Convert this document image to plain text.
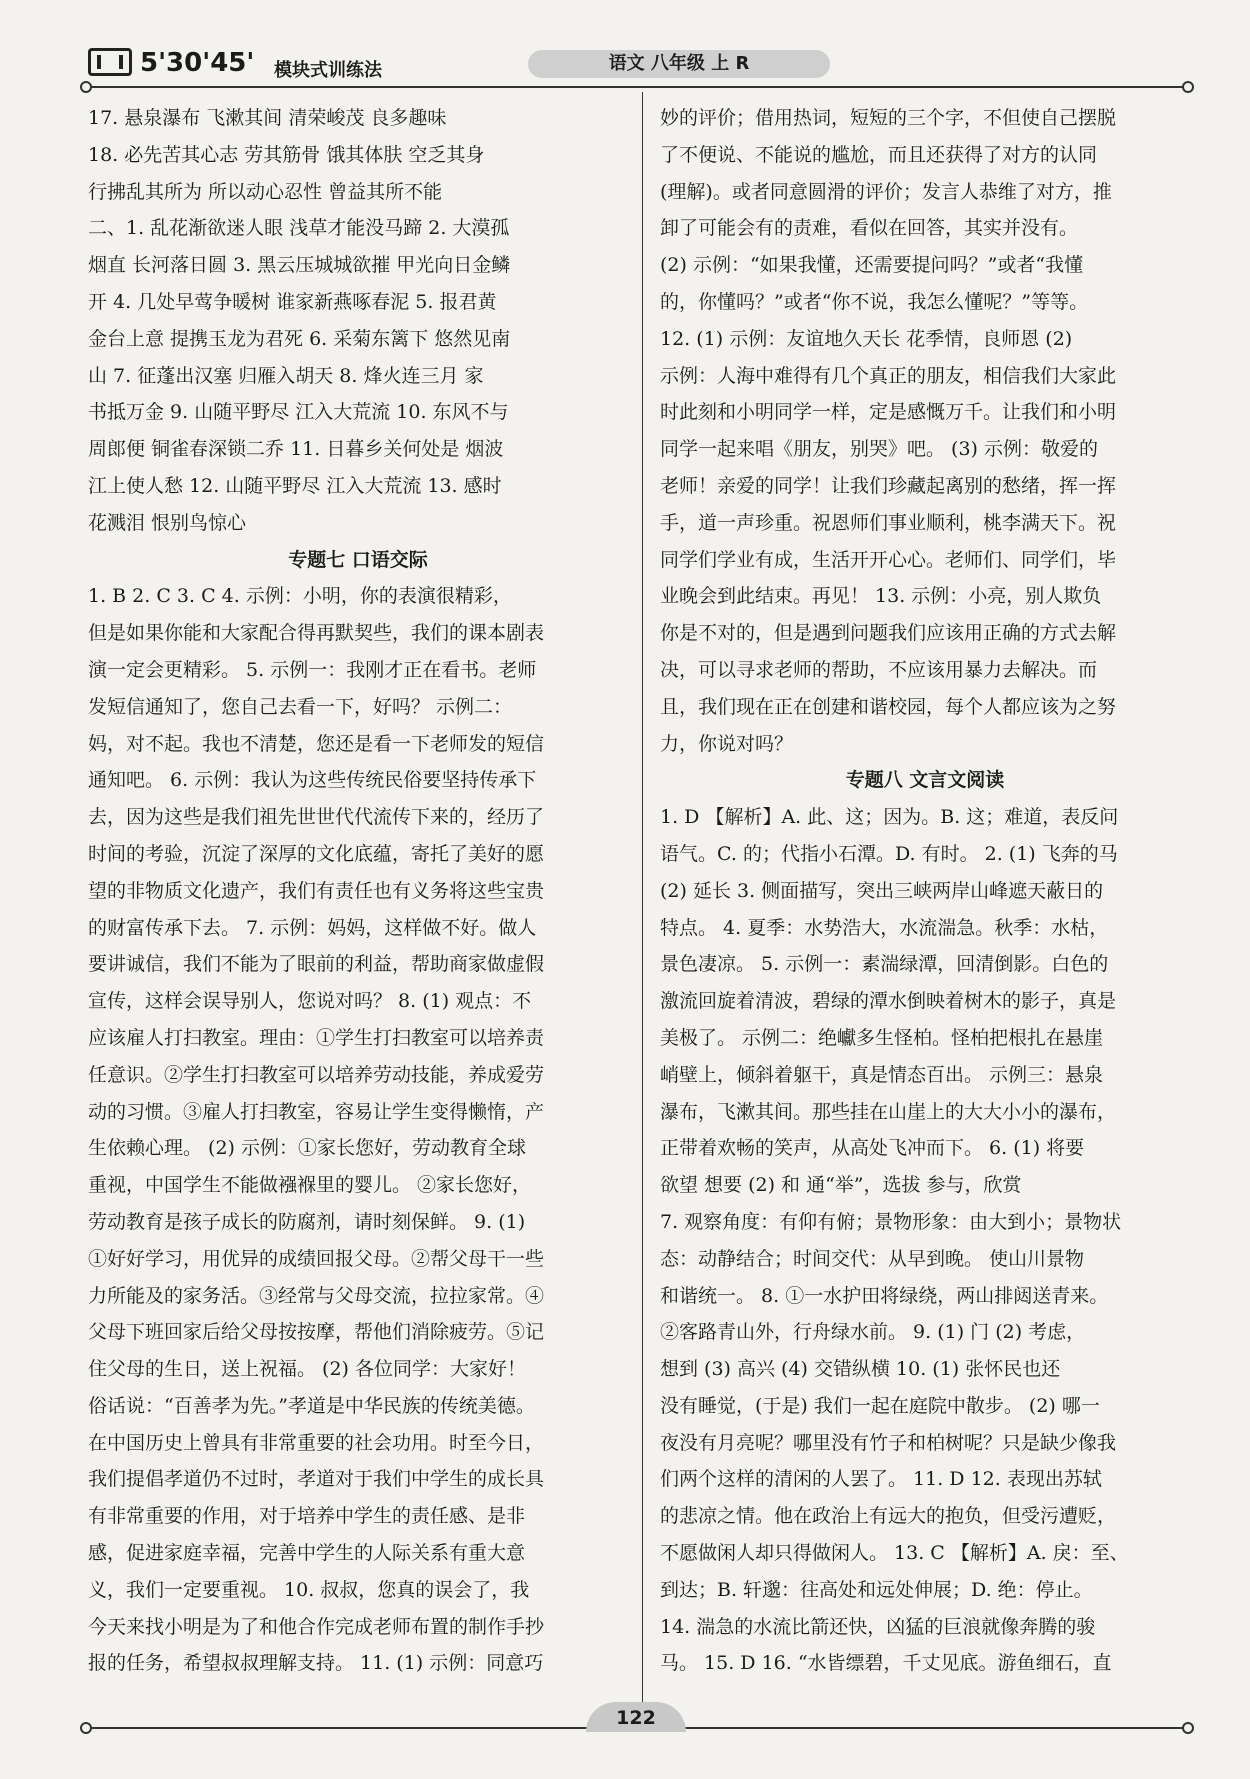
5'30'45' 模块式训练法	语文 八年级 上 R
17. 悬泉瀑布 飞漱其间 清荣峻茂 良多趣味
18. 必先苦其心志 劳其筋骨 饿其体肤 空乏其身
行拂乱其所为 所以动心忍性 曾益其所不能
二、1. 乱花渐欲迷人眼 浅草才能没马蹄 2. 大漠孤
烟直 长河落日圆 3. 黑云压城城欲摧 甲光向日金鳞
开 4. 几处早莺争暖树 谁家新燕啄春泥 5. 报君黄
金台上意 提携玉龙为君死 6. 采菊东篱下 悠然见南
山 7. 征蓬出汉塞 归雁入胡天 8. 烽火连三月 家
书抵万金 9. 山随平野尽 江入大荒流 10. 东风不与
周郎便 铜雀春深锁二乔 11. 日暮乡关何处是 烟波
江上使人愁 12. 山随平野尽 江入大荒流 13. 感时
花溅泪 恨别鸟惊心
专题七 口语交际
1. B 2. C 3. C 4. 示例：小明，你的表演很精彩，
但是如果你能和大家配合得再默契些，我们的课本剧表
演一定会更精彩。 5. 示例一：我刚才正在看书。老师
发短信通知了，您自己去看一下，好吗？ 示例二：
妈，对不起。我也不清楚，您还是看一下老师发的短信
通知吧。 6. 示例：我认为这些传统民俗要坚持传承下
去，因为这些是我们祖先世世代代流传下来的，经历了
时间的考验，沉淀了深厚的文化底蕴，寄托了美好的愿
望的非物质文化遗产，我们有责任也有义务将这些宝贵
的财富传承下去。 7. 示例：妈妈，这样做不好。做人
要讲诚信，我们不能为了眼前的利益，帮助商家做虚假
宣传，这样会误导别人，您说对吗？ 8. (1) 观点：不
应该雇人打扫教室。理由：①学生打扫教室可以培养责
任意识。②学生打扫教室可以培养劳动技能，养成爱劳
动的习惯。③雇人打扫教室，容易让学生变得懒惰，产
生依赖心理。 (2) 示例：①家长您好，劳动教育全球
重视，中国学生不能做襁褓里的婴儿。 ②家长您好，
劳动教育是孩子成长的防腐剂，请时刻保鲜。 9. (1)
①好好学习，用优异的成绩回报父母。②帮父母干一些
力所能及的家务活。③经常与父母交流，拉拉家常。④
父母下班回家后给父母按按摩，帮他们消除疲劳。⑤记
住父母的生日，送上祝福。 (2) 各位同学：大家好！
俗话说：“百善孝为先。”孝道是中华民族的传统美德。
在中国历史上曾具有非常重要的社会功用。时至今日，
我们提倡孝道仍不过时，孝道对于我们中学生的成长具
有非常重要的作用，对于培养中学生的责任感、是非
感，促进家庭幸福，完善中学生的人际关系有重大意
义，我们一定要重视。 10. 叔叔，您真的误会了，我
今天来找小明是为了和他合作完成老师布置的制作手抄
报的任务，希望叔叔理解支持。 11. (1) 示例：同意巧
妙的评价；借用热词，短短的三个字，不但使自己摆脱
了不便说、不能说的尴尬，而且还获得了对方的认同
(理解)。或者同意圆滑的评价；发言人恭维了对方，推
卸了可能会有的责难，看似在回答，其实并没有。
(2) 示例：“如果我懂，还需要提问吗？”或者“我懂
的，你懂吗？”或者“你不说，我怎么懂呢？”等等。
12. (1) 示例：友谊地久天长 花季情，良师恩 (2)
示例：人海中难得有几个真正的朋友，相信我们大家此
时此刻和小明同学一样，定是感慨万千。让我们和小明
同学一起来唱《朋友，别哭》吧。 (3) 示例：敬爱的
老师！亲爱的同学！让我们珍藏起离别的愁绪，挥一挥
手，道一声珍重。祝恩师们事业顺利，桃李满天下。祝
同学们学业有成，生活开开心心。老师们、同学们，毕
业晚会到此结束。再见！ 13. 示例：小亮，别人欺负
你是不对的，但是遇到问题我们应该用正确的方式去解
决，可以寻求老师的帮助，不应该用暴力去解决。而
且，我们现在正在创建和谐校园，每个人都应该为之努
力，你说对吗？
专题八 文言文阅读
1. D 【解析】A. 此、这；因为。B. 这；难道，表反问
语气。C. 的；代指小石潭。D. 有时。 2. (1) 飞奔的马
(2) 延长 3. 侧面描写，突出三峡两岸山峰遮天蔽日的
特点。 4. 夏季：水势浩大，水流湍急。秋季：水枯，
景色凄凉。 5. 示例一：素湍绿潭，回清倒影。白色的
激流回旋着清波，碧绿的潭水倒映着树木的影子，真是
美极了。 示例二：绝巘多生怪柏。怪柏把根扎在悬崖
峭壁上，倾斜着躯干，真是情态百出。 示例三：悬泉
瀑布，飞漱其间。那些挂在山崖上的大大小小的瀑布，
正带着欢畅的笑声，从高处飞冲而下。 6. (1) 将要
欲望 想要 (2) 和 通“举”，选拔 参与，欣赏
7. 观察角度：有仰有俯；景物形象：由大到小；景物状
态：动静结合；时间交代：从早到晚。 使山川景物
和谐统一。 8. ①一水护田将绿绕，两山排闼送青来。
②客路青山外，行舟绿水前。 9. (1) 门 (2) 考虑，
想到 (3) 高兴 (4) 交错纵横 10. (1) 张怀民也还
没有睡觉，(于是) 我们一起在庭院中散步。 (2) 哪一
夜没有月亮呢？哪里没有竹子和柏树呢？只是缺少像我
们两个这样的清闲的人罢了。 11. D 12. 表现出苏轼
的悲凉之情。他在政治上有远大的抱负，但受污遭贬，
不愿做闲人却只得做闲人。 13. C 【解析】A. 戾：至、
到达；B. 轩邈：往高处和远处伸展；D. 绝：停止。
14. 湍急的水流比箭还快，凶猛的巨浪就像奔腾的骏
马。 15. D 16. “水皆缥碧，千丈见底。游鱼细石，直
122
